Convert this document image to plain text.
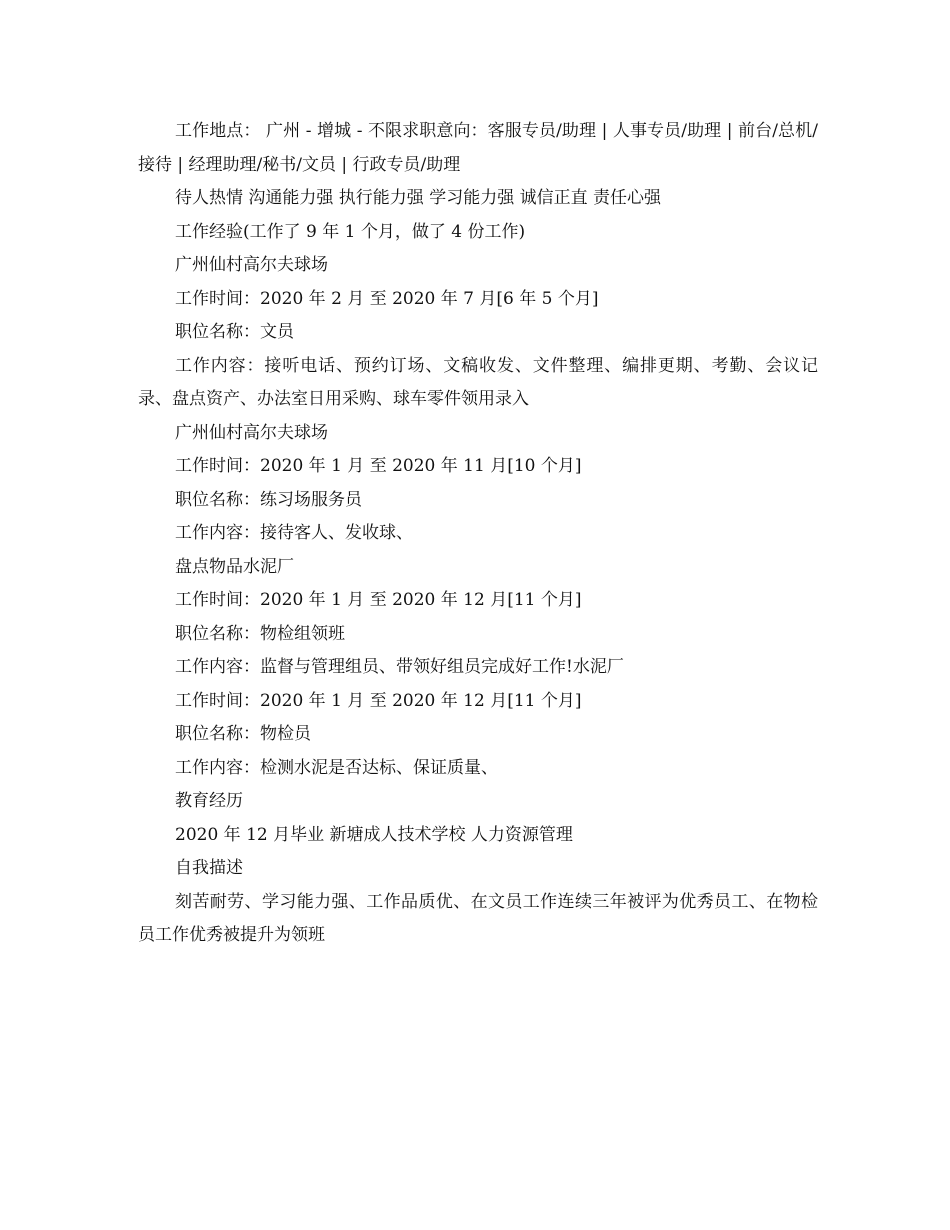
工作地点： 广州 - 增城 - 不限求职意向：客服专员/助理 | 人事专员/助理 | 前台/总机/接待 | 经理助理/秘书/文员 | 行政专员/助理

待人热情 沟通能力强 执行能力强 学习能力强 诚信正直 责任心强

工作经验(工作了 9 年 1 个月，做了 4 份工作)

广州仙村高尔夫球场

工作时间：2020 年 2 月 至 2020 年 7 月[6 年 5 个月]

职位名称：文员

工作内容：接听电话、预约订场、文稿收发、文件整理、编排更期、考勤、会议记录、盘点资产、办法室日用采购、球车零件领用录入

广州仙村高尔夫球场

工作时间：2020 年 1 月 至 2020 年 11 月[10 个月]

职位名称：练习场服务员

工作内容：接待客人、发收球、

盘点物品水泥厂

工作时间：2020 年 1 月 至 2020 年 12 月[11 个月]

职位名称：物检组领班

工作内容：监督与管理组员、带领好组员完成好工作!水泥厂

工作时间：2020 年 1 月 至 2020 年 12 月[11 个月]

职位名称：物检员

工作内容：检测水泥是否达标、保证质量、

教育经历

2020 年 12 月毕业 新塘成人技术学校 人力资源管理

自我描述

刻苦耐劳、学习能力强、工作品质优、在文员工作连续三年被评为优秀员工、在物检员工作优秀被提升为领班
